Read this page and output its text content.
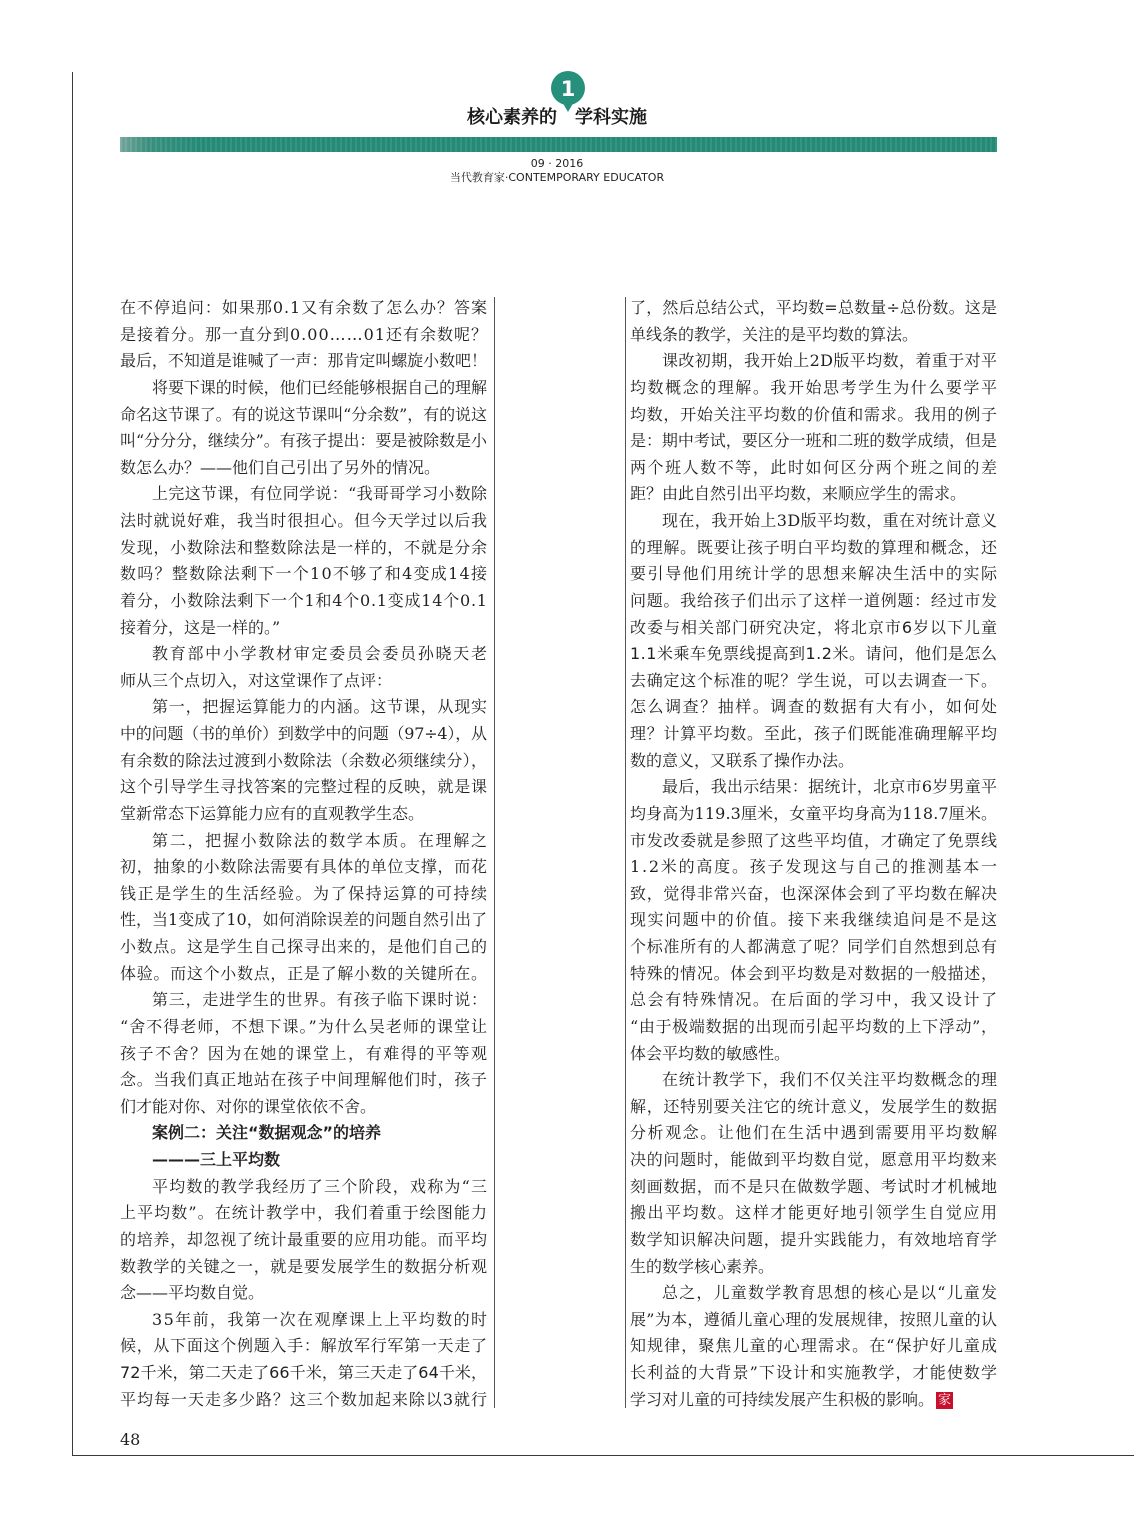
1
核心素养的 学科实施
09 · 2016
当代教育家·CONTEMPORARY EDUCATOR
在不停追问：如果那0.1又有余数了怎么办？答案
是接着分。那一直分到0.00……01还有余数呢？
最后，不知道是谁喊了一声：那肯定叫螺旋小数吧！
将要下课的时候，他们已经能够根据自己的理解
命名这节课了。有的说这节课叫“分余数”，有的说这
叫“分分分，继续分”。有孩子提出：要是被除数是小
数怎么办？——他们自己引出了另外的情况。
上完这节课，有位同学说：“我哥哥学习小数除
法时就说好难，我当时很担心。但今天学过以后我
发现，小数除法和整数除法是一样的，不就是分余
数吗？整数除法剩下一个10不够了和4变成14接
着分，小数除法剩下一个1和4个0.1变成14个0.1
接着分，这是一样的。”
教育部中小学教材审定委员会委员孙晓天老
师从三个点切入，对这堂课作了点评：
第一，把握运算能力的内涵。这节课，从现实
中的问题（书的单价）到数学中的问题（97÷4），从
有余数的除法过渡到小数除法（余数必须继续分），
这个引导学生寻找答案的完整过程的反映，就是课
堂新常态下运算能力应有的直观教学生态。
第二，把握小数除法的数学本质。在理解之
初，抽象的小数除法需要有具体的单位支撑，而花
钱正是学生的生活经验。为了保持运算的可持续
性，当1变成了10，如何消除误差的问题自然引出了
小数点。这是学生自己探寻出来的，是他们自己的
体验。而这个小数点，正是了解小数的关键所在。
第三，走进学生的世界。有孩子临下课时说：
“舍不得老师，不想下课。”为什么吴老师的课堂让
孩子不舍？因为在她的课堂上，有难得的平等观
念。当我们真正地站在孩子中间理解他们时，孩子
们才能对你、对你的课堂依依不舍。
案例二：关注“数据观念”的培养
———三上平均数
平均数的教学我经历了三个阶段，戏称为“三
上平均数”。在统计教学中，我们着重于绘图能力
的培养，却忽视了统计最重要的应用功能。而平均
数教学的关键之一，就是要发展学生的数据分析观
念——平均数自觉。
35年前，我第一次在观摩课上上平均数的时
候，从下面这个例题入手：解放军行军第一天走了
72千米，第二天走了66千米，第三天走了64千米，
平均每一天走多少路？这三个数加起来除以3就行
了，然后总结公式，平均数=总数量÷总份数。这是
单线条的教学，关注的是平均数的算法。
课改初期，我开始上2D版平均数，着重于对平
均数概念的理解。我开始思考学生为什么要学平
均数，开始关注平均数的价值和需求。我用的例子
是：期中考试，要区分一班和二班的数学成绩，但是
两个班人数不等，此时如何区分两个班之间的差
距？由此自然引出平均数，来顺应学生的需求。
现在，我开始上3D版平均数，重在对统计意义
的理解。既要让孩子明白平均数的算理和概念，还
要引导他们用统计学的思想来解决生活中的实际
问题。我给孩子们出示了这样一道例题：经过市发
改委与相关部门研究决定，将北京市6岁以下儿童
1.1米乘车免票线提高到1.2米。请问，他们是怎么
去确定这个标准的呢？学生说，可以去调查一下。
怎么调查？抽样。调查的数据有大有小，如何处
理？计算平均数。至此，孩子们既能准确理解平均
数的意义，又联系了操作办法。
最后，我出示结果：据统计，北京市6岁男童平
均身高为119.3厘米，女童平均身高为118.7厘米。
市发改委就是参照了这些平均值，才确定了免票线
1.2米的高度。孩子发现这与自己的推测基本一
致，觉得非常兴奋，也深深体会到了平均数在解决
现实问题中的价值。接下来我继续追问是不是这
个标准所有的人都满意了呢？同学们自然想到总有
特殊的情况。体会到平均数是对数据的一般描述，
总会有特殊情况。在后面的学习中，我又设计了
“由于极端数据的出现而引起平均数的上下浮动”，
体会平均数的敏感性。
在统计教学下，我们不仅关注平均数概念的理
解，还特别要关注它的统计意义，发展学生的数据
分析观念。让他们在生活中遇到需要用平均数解
决的问题时，能做到平均数自觉，愿意用平均数来
刻画数据，而不是只在做数学题、考试时才机械地
搬出平均数。这样才能更好地引领学生自觉应用
数学知识解决问题，提升实践能力，有效地培育学
生的数学核心素养。
总之，儿童数学教育思想的核心是以“儿童发
展”为本，遵循儿童心理的发展规律，按照儿童的认
知规律，聚焦儿童的心理需求。在“保护好儿童成
长利益的大背景”下设计和实施教学，才能使数学
学习对儿童的可持续发展产生积极的影响。 家
48
